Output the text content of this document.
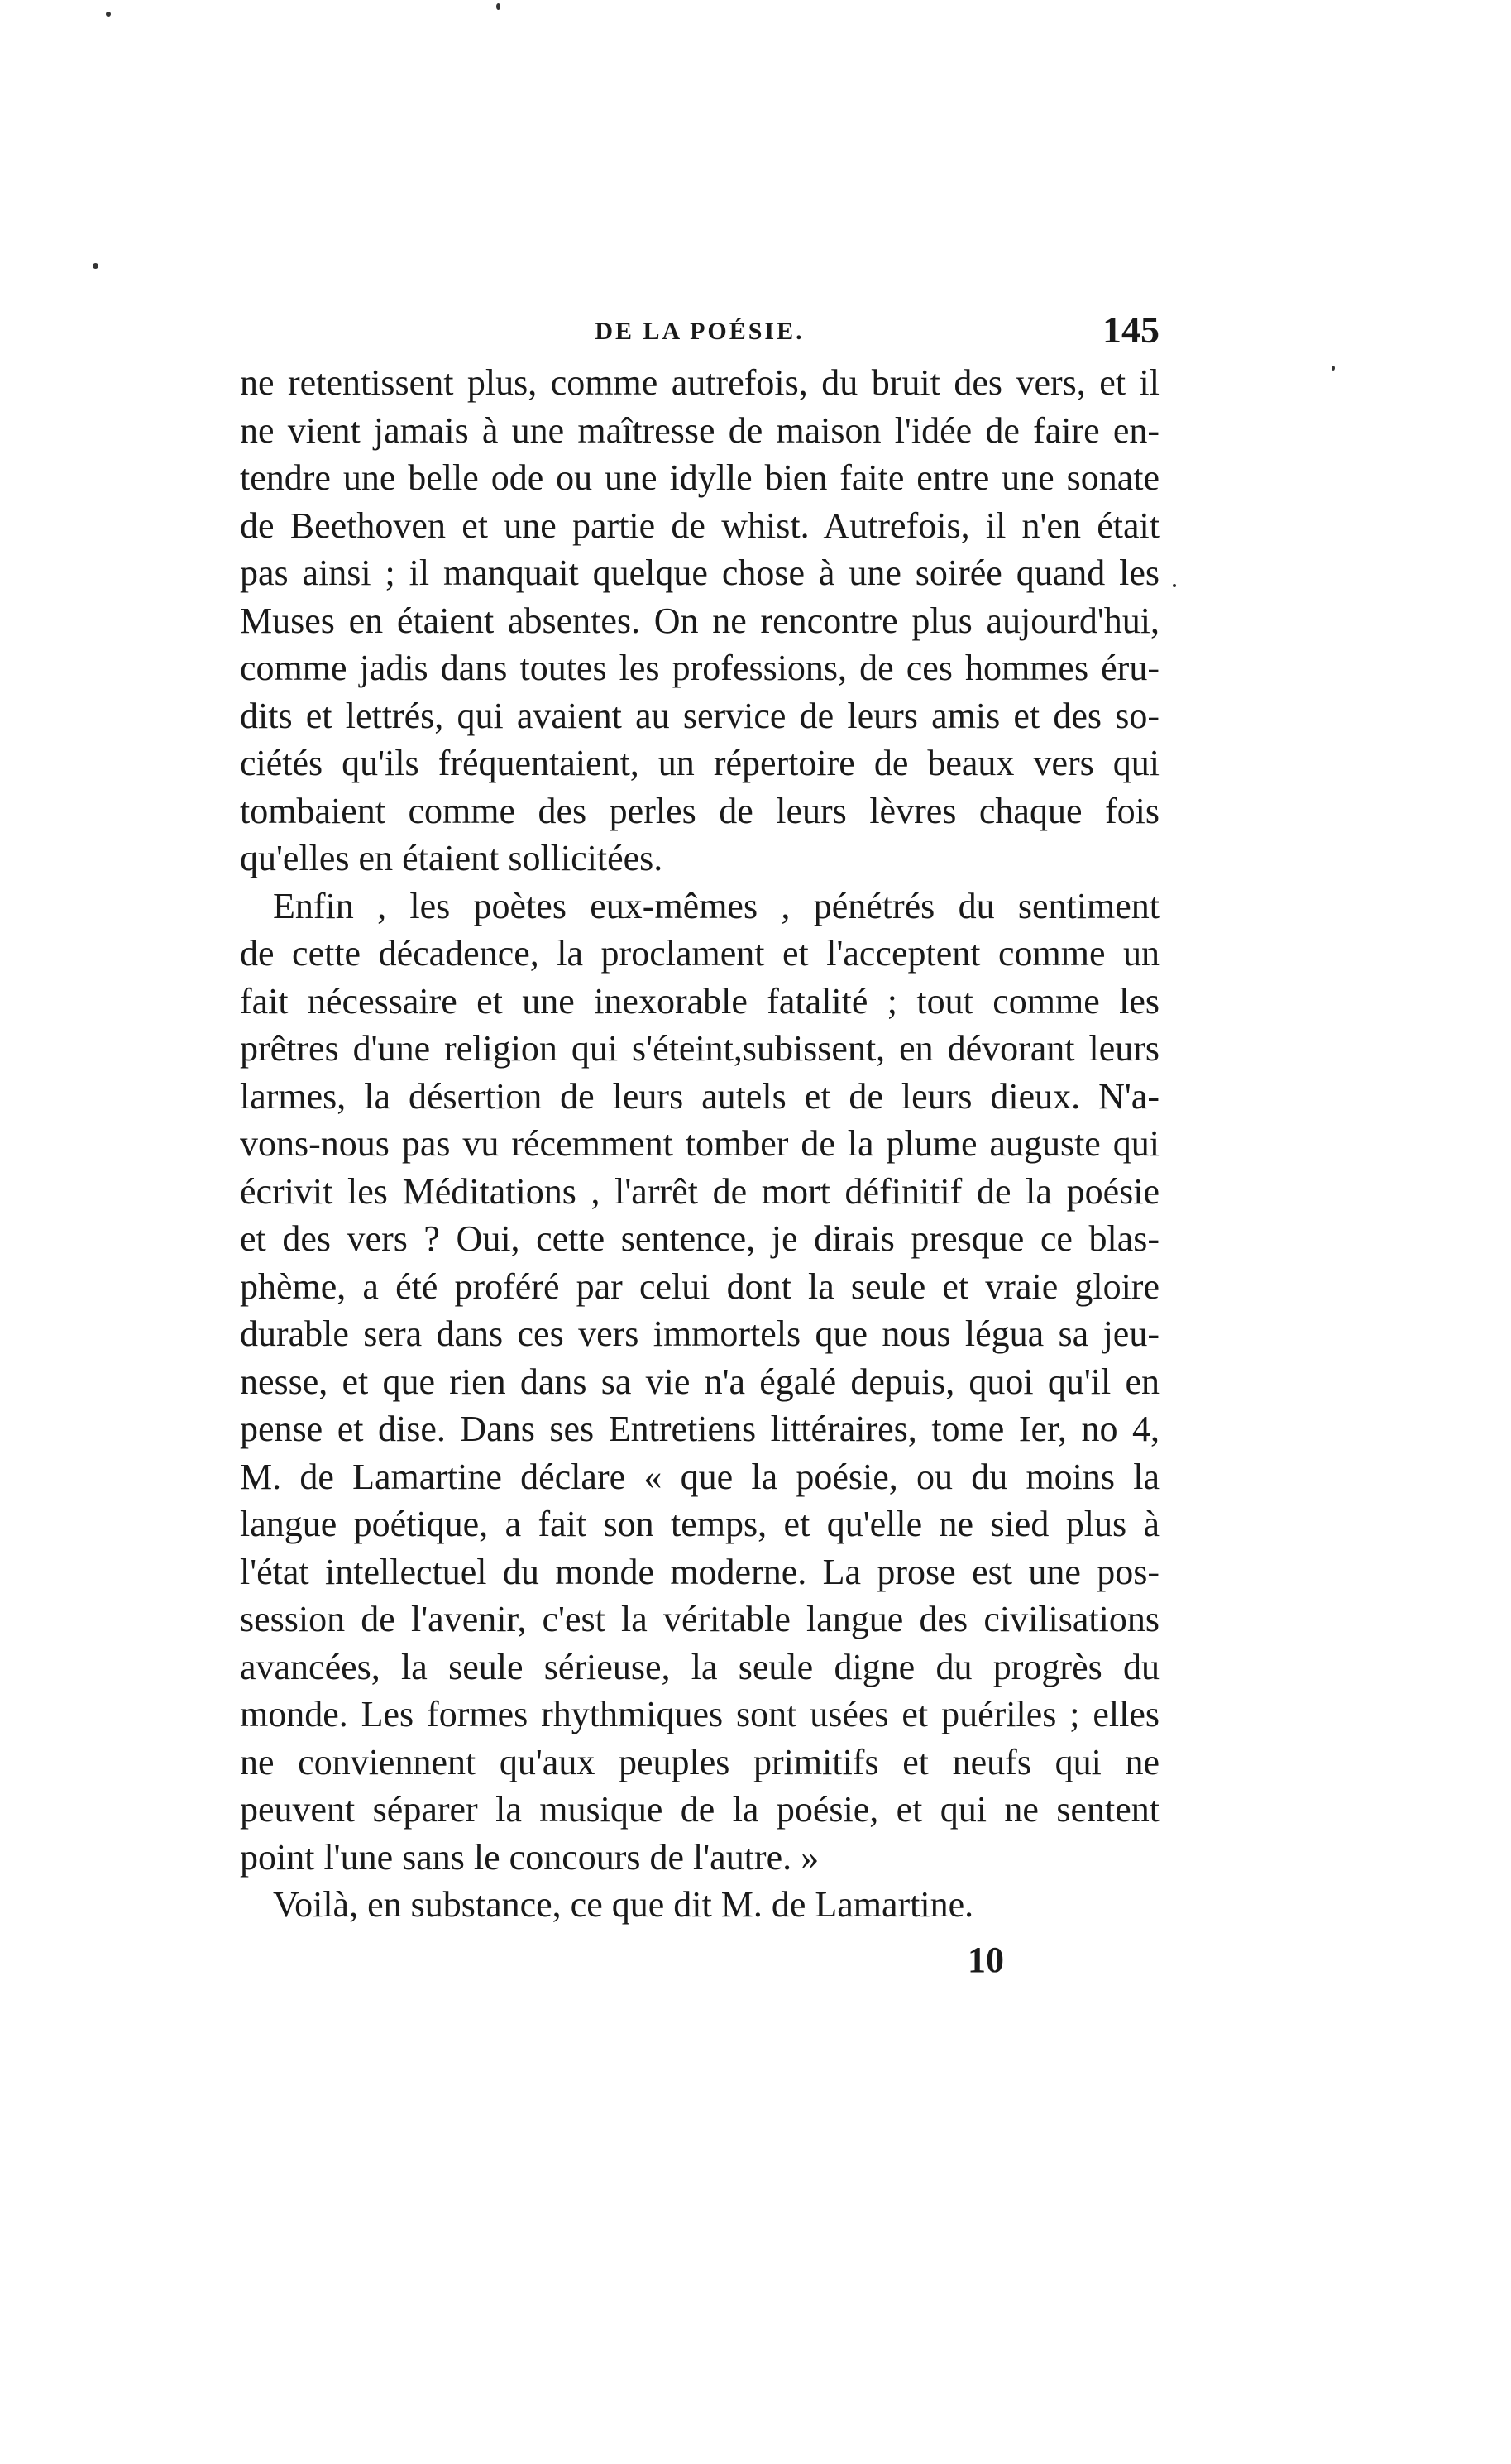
DE LA POÉSIE.	145
ne retentissent plus, comme autrefois, du bruit des vers, et il
ne vient jamais à une maîtresse de maison l'idée de faire en-
tendre une belle ode ou une idylle bien faite entre une sonate
de Beethoven et une partie de whist. Autrefois, il n'en était
pas ainsi ; il manquait quelque chose à une soirée quand les
Muses en étaient absentes. On ne rencontre plus aujourd'hui,
comme jadis dans toutes les professions, de ces hommes éru-
dits et lettrés, qui avaient au service de leurs amis et des so-
ciétés qu'ils fréquentaient, un répertoire de beaux vers qui
tombaient comme des perles de leurs lèvres chaque fois
qu'elles en étaient sollicitées.
Enfin , les poètes eux-mêmes , pénétrés du sentiment
de cette décadence, la proclament et l'acceptent comme un
fait nécessaire et une inexorable fatalité ; tout comme les
prêtres d'une religion qui s'éteint,subissent, en dévorant leurs
larmes, la désertion de leurs autels et de leurs dieux. N'a-
vons-nous pas vu récemment tomber de la plume auguste qui
écrivit les Méditations , l'arrêt de mort définitif de la poésie
et des vers ? Oui, cette sentence, je dirais presque ce blas-
phème, a été proféré par celui dont la seule et vraie gloire
durable sera dans ces vers immortels que nous légua sa jeu-
nesse, et que rien dans sa vie n'a égalé depuis, quoi qu'il en
pense et dise. Dans ses Entretiens littéraires, tome Ier, no 4,
M. de Lamartine déclare « que la poésie, ou du moins la
langue poétique, a fait son temps, et qu'elle ne sied plus à
l'état intellectuel du monde moderne. La prose est une pos-
session de l'avenir, c'est la véritable langue des civilisations
avancées, la seule sérieuse, la seule digne du progrès du
monde. Les formes rhythmiques sont usées et puériles ; elles
ne conviennent qu'aux peuples primitifs et neufs qui ne
peuvent séparer la musique de la poésie, et qui ne sentent
point l'une sans le concours de l'autre. »
Voilà, en substance, ce que dit M. de Lamartine.
10
